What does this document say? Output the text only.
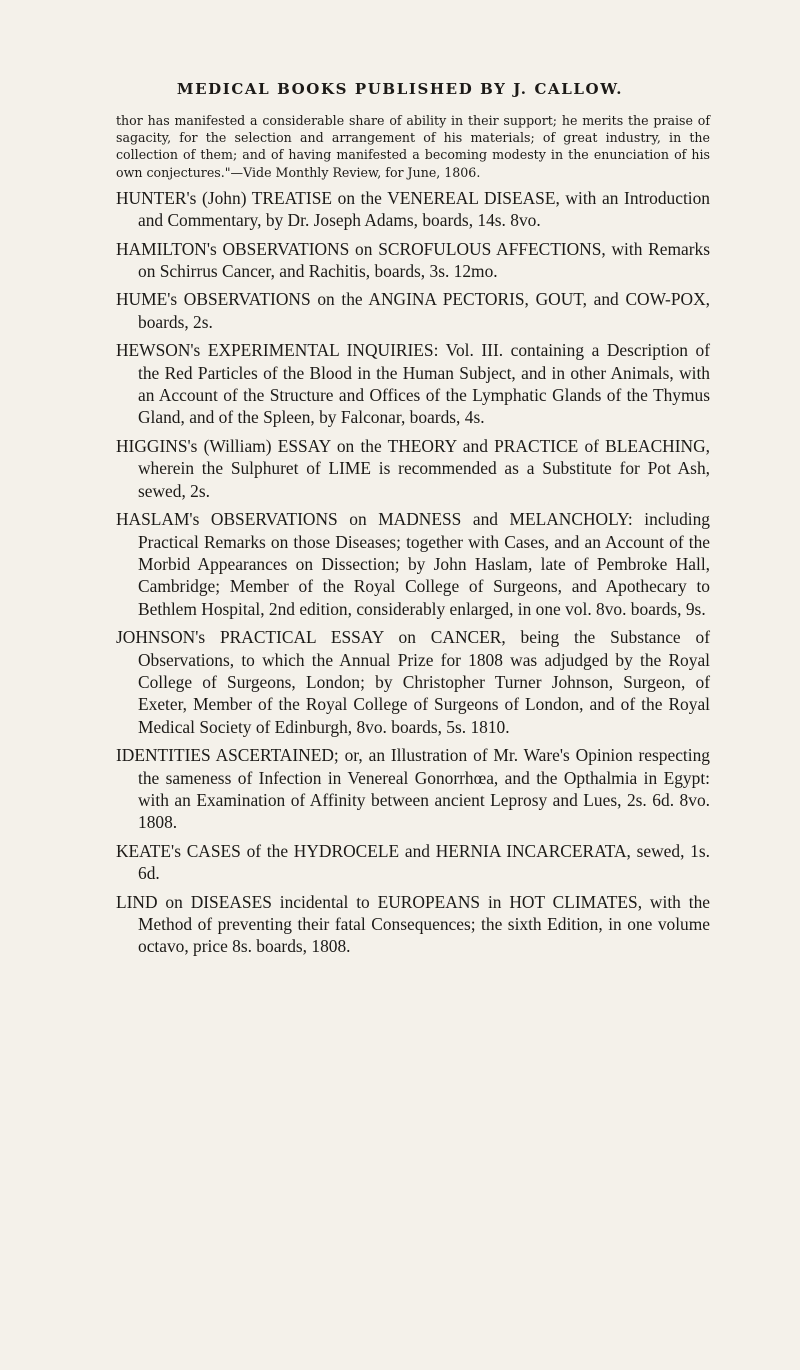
MEDICAL BOOKS PUBLISHED BY J. CALLOW.

thor has manifested a considerable share of ability in their support; he merits the praise of sagacity, for the selection and arrangement of his materials; of great industry, in the collection of them; and of having manifested a becoming modesty in the enunciation of his own conjectures."—Vide Monthly Review, for June, 1806.

HUNTER's (John) TREATISE on the VENEREAL DISEASE, with an Introduction and Commentary, by Dr. Joseph Adams, boards, 14s. 8vo.

HAMILTON's OBSERVATIONS on SCROFULOUS AFFECTIONS, with Remarks on Schirrus Cancer, and Rachitis, boards, 3s. 12mo.

HUME's OBSERVATIONS on the ANGINA PECTORIS, GOUT, and COW-POX, boards, 2s.

HEWSON's EXPERIMENTAL INQUIRIES: Vol. III. containing a Description of the Red Particles of the Blood in the Human Subject, and in other Animals, with an Account of the Structure and Offices of the Lymphatic Glands of the Thymus Gland, and of the Spleen, by Falconar, boards, 4s.

HIGGINS's (William) ESSAY on the THEORY and PRACTICE of BLEACHING, wherein the Sulphuret of LIME is recommended as a Substitute for Pot Ash, sewed, 2s.

HASLAM's OBSERVATIONS on MADNESS and MELANCHOLY: including Practical Remarks on those Diseases; together with Cases, and an Account of the Morbid Appearances on Dissection; by John Haslam, late of Pembroke Hall, Cambridge; Member of the Royal College of Surgeons, and Apothecary to Bethlem Hospital, 2nd edition, considerably enlarged, in one vol. 8vo. boards, 9s.

JOHNSON's PRACTICAL ESSAY on CANCER, being the Substance of Observations, to which the Annual Prize for 1808 was adjudged by the Royal College of Surgeons, London; by Christopher Turner Johnson, Surgeon, of Exeter, Member of the Royal College of Surgeons of London, and of the Royal Medical Society of Edinburgh, 8vo. boards, 5s. 1810.

IDENTITIES ASCERTAINED; or, an Illustration of Mr. Ware's Opinion respecting the sameness of Infection in Venereal Gonorrhœa, and the Opthalmia in Egypt: with an Examination of Affinity between ancient Leprosy and Lues, 2s. 6d. 8vo. 1808.

KEATE's CASES of the HYDROCELE and HERNIA INCARCERATA, sewed, 1s. 6d.

LIND on DISEASES incidental to EUROPEANS in HOT CLIMATES, with the Method of preventing their fatal Consequences; the sixth Edition, in one volume octavo, price 8s. boards, 1808.
